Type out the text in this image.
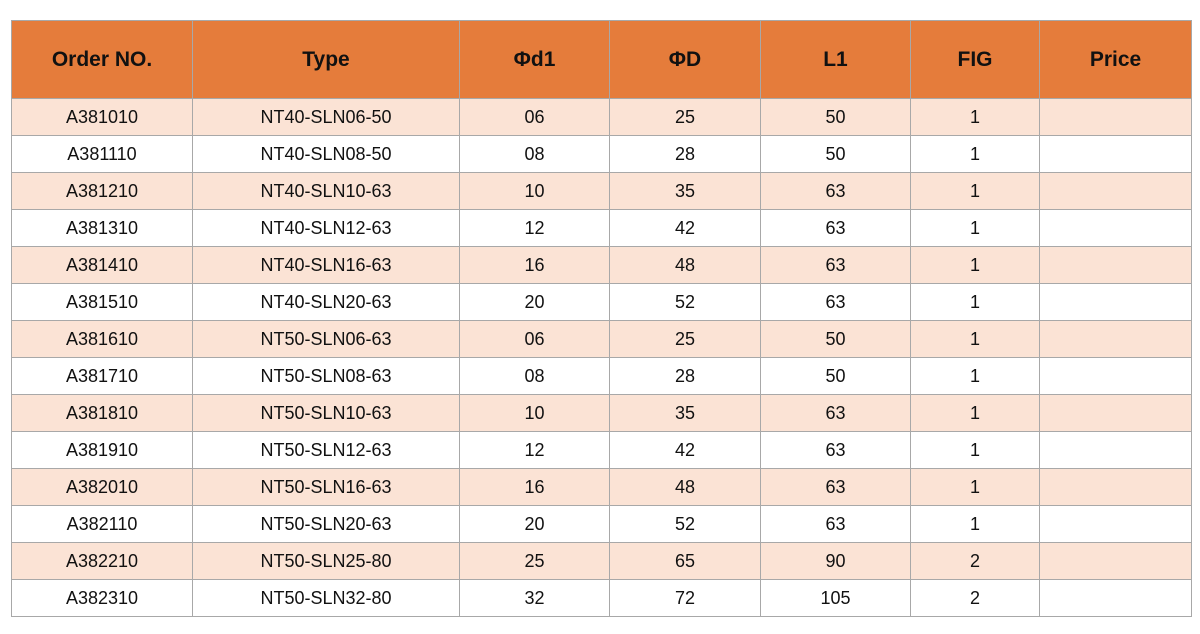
Order NO.	Type	Φd1	ΦD	L1	FIG	Price
A381010	NT40-SLN06-50	06	25	50	1	
A381110	NT40-SLN08-50	08	28	50	1	
A381210	NT40-SLN10-63	10	35	63	1	
A381310	NT40-SLN12-63	12	42	63	1	
A381410	NT40-SLN16-63	16	48	63	1	
A381510	NT40-SLN20-63	20	52	63	1	
A381610	NT50-SLN06-63	06	25	50	1	
A381710	NT50-SLN08-63	08	28	50	1	
A381810	NT50-SLN10-63	10	35	63	1	
A381910	NT50-SLN12-63	12	42	63	1	
A382010	NT50-SLN16-63	16	48	63	1	
A382110	NT50-SLN20-63	20	52	63	1	
A382210	NT50-SLN25-80	25	65	90	2	
A382310	NT50-SLN32-80	32	72	105	2	
